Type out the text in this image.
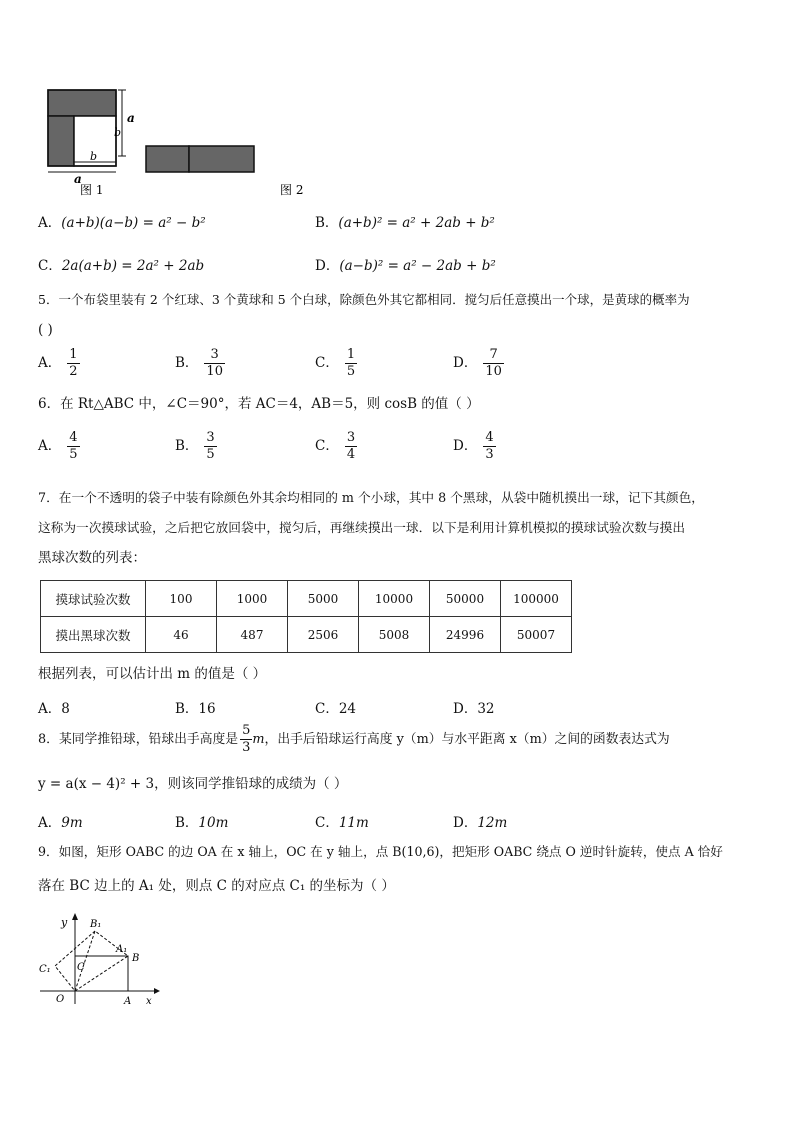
a
b
b
a
图 1	图 2
A．(a+b)(a−b) = a² − b²	B．(a+b)² = a² + 2ab + b²
C．2a(a+b) = 2a² + 2ab	D．(a−b)² = a² − 2ab + b²
5．一个布袋里装有 2 个红球、3 个黄球和 5 个白球，除颜色外其它都相同．搅匀后任意摸出一个球，是黄球的概率为
( )
A． $\frac{1}{2}$	B． $\frac{3}{10}$	C． $\frac{1}{5}$	D． $\frac{7}{10}$
6．在 Rt△ABC 中，∠C＝90°，若 AC＝4，AB＝5，则 cosB 的值（ ）
A． $\frac{4}{5}$	B． $\frac{3}{5}$	C． $\frac{3}{4}$	D． $\frac{4}{3}$
7．在一个不透明的袋子中装有除颜色外其余均相同的 m 个小球，其中 8 个黑球，从袋中随机摸出一球，记下其颜色，
这称为一次摸球试验，之后把它放回袋中，搅匀后，再继续摸出一球．以下是利用计算机模拟的摸球试验次数与摸出
黑球次数的列表：
摸球试验次数	100	1000	5000	10000	50000	100000
摸出黑球次数	46	487	2506	5008	24996	50007
根据列表，可以估计出 m 的值是（ ）
A．8	B．16	C．24	D．32
8．某同学推铅球，铅球出手高度是 $\frac{5}{3}$ m，出手后铅球运行高度 y（m）与水平距离 x（m）之间的函数表达式为
y = a(x − 4)² + 3，则该同学推铅球的成绩为（ ）
A．9m	B．10m	C．11m	D．12m
9．如图，矩形 OABC 的边 OA 在 x 轴上，OC 在 y 轴上，点 B(10,6)，把矩形 OABC 绕点 O 逆时针旋转，使点 A 恰好
落在 BC 边上的 A₁ 处，则点 C 的对应点 C₁ 的坐标为（ ）
y B₁
A₁
B
C
C₁
O	A x
